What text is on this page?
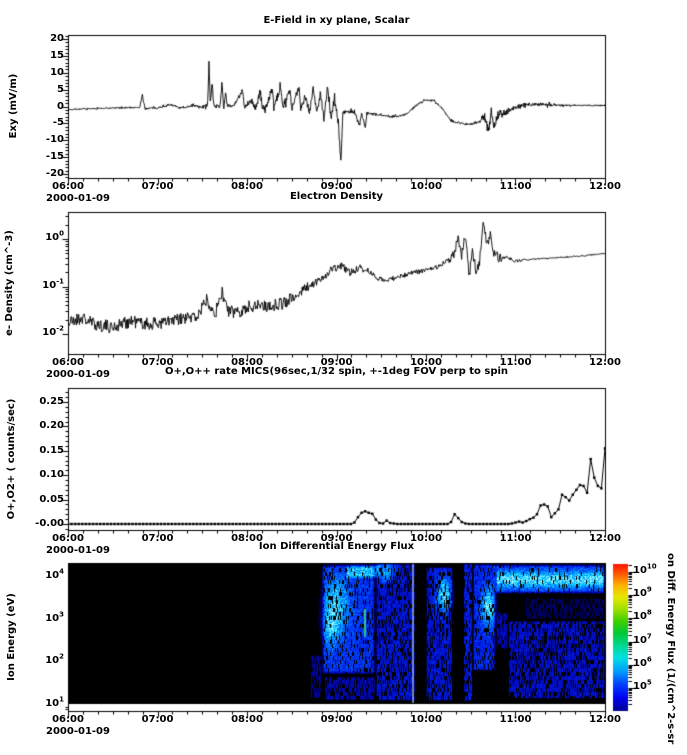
E-Field in xy plane, Scalar
Electron Density
O+,O++ rate MICS(96sec,1/32 spin, +-1deg FOV perp to spin
Ion Differential Energy Flux
Exy (mV/m)
e- Density (cm^-3)
O+,O2+ ( counts/sec)
Ion Energy (eV)	on Diff. Energy Flux (1/(cm^2-s-sr
2000-01-09
2000-01-09
2000-01-09
2000-01-09
20
15
10
5
0
-5
-10
-15
-20
$10^0$
$10^{-1}$
$10^{-2}$
0.25
0.20
0.15
0.10
0.05
-0.00
$10^4$
$10^3$
$10^2$
$10^1$
$10^{10}$
$10^9$
$10^8$
$10^7$
$10^6$
$10^5$
06:00	07:00	08:00	09:00	10:00	11:00	12:00
06:00	07:00	08:00	09:00	10:00	11:00	12:00
06:00	07:00	08:00	09:00	10:00	11:00	12:00
06:00	07:00	08:00	09:00	10:00	11:00	12:00
